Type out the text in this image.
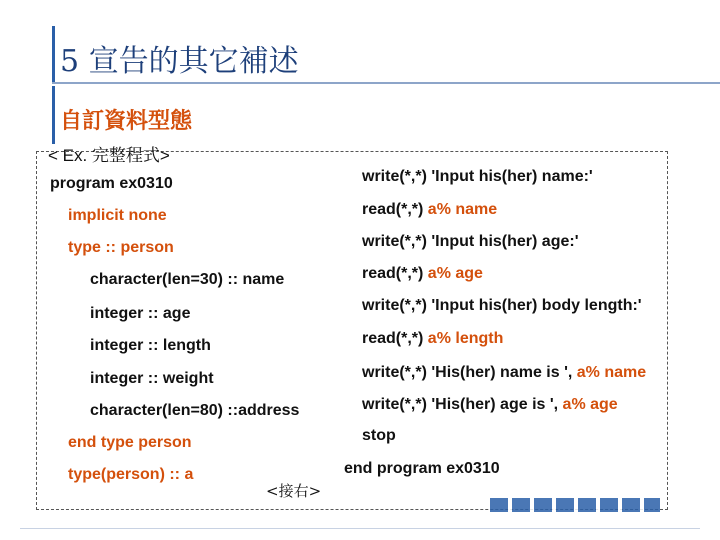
5 宣告的其它補述
自訂資料型態
< Ex. 完整程式>
program ex0310
implicit none
type :: person
character(len=30) :: name
integer :: age
integer :: length
integer :: weight
character(len=80) ::address
end type person
type(person) :: a
write(*,*) 'Input his(her) name:'
read(*,*) a% name
write(*,*) 'Input his(her) age:'
read(*,*) a% age
write(*,*) 'Input his(her) body length:'
read(*,*) a% length
write(*,*) 'His(her) name is ', a% name
write(*,*) 'His(her) age is ', a% age
stop
end program ex0310
<接右>
